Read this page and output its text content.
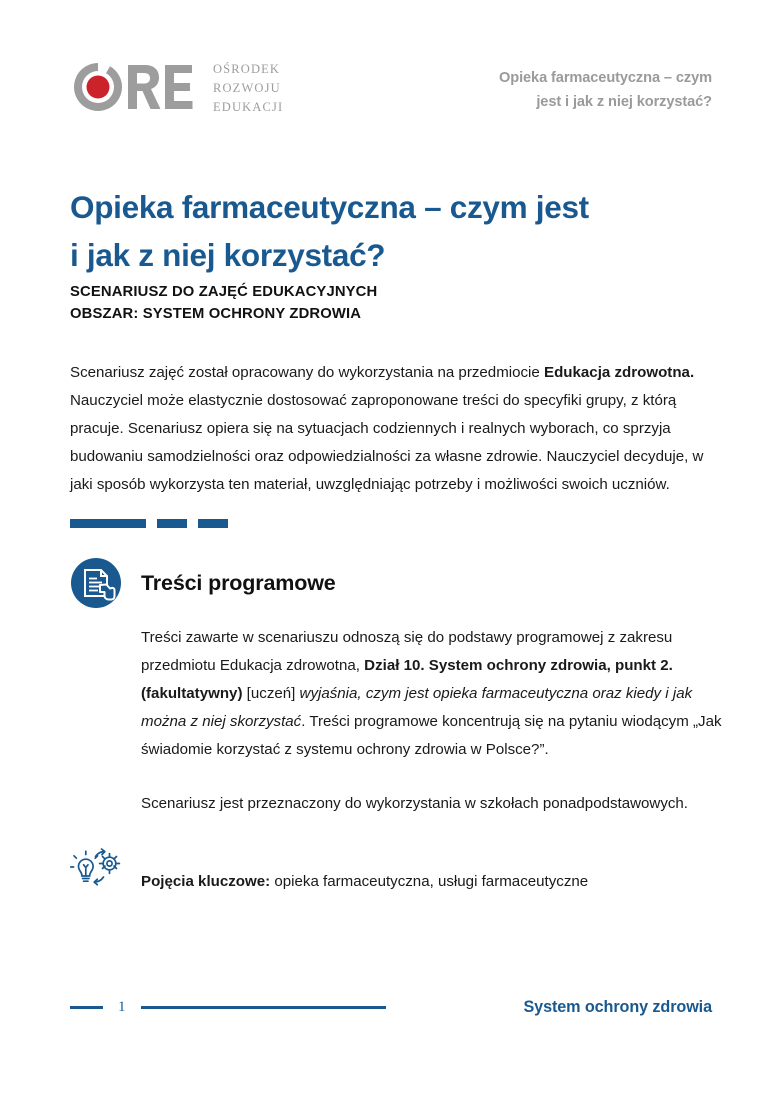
OŚRODEK
ROZWOJU
EDUKACJI
Opieka farmaceutyczna – czym
jest i jak z niej korzystać?
Opieka farmaceutyczna – czym jest
i jak z niej korzystać?
SCENARIUSZ DO ZAJĘĆ EDUKACYJNYCH
OBSZAR: SYSTEM OCHRONY ZDROWIA

Scenariusz zajęć został opracowany do wykorzystania na przedmiocie Edukacja zdrowotna. Nauczyciel może elastycznie dostosować zaproponowane treści do specyfiki grupy, z którą pracuje. Scenariusz opiera się na sytuacjach codziennych i realnych wyborach, co sprzyja budowaniu samodzielności oraz odpowiedzialności za własne zdrowie. Nauczyciel decyduje, w jaki sposób wykorzysta ten materiał, uwzględniając potrzeby i możliwości swoich uczniów.

Treści programowe

Treści zawarte w scenariuszu odnoszą się do podstawy programowej z zakresu przedmiotu Edukacja zdrowotna, Dział 10. System ochrony zdrowia, punkt 2. (fakultatywny) [uczeń] wyjaśnia, czym jest opieka farmaceutyczna oraz kiedy i jak można z niej skorzystać. Treści programowe koncentrują się na pytaniu wiodącym „Jak świadomie korzystać z systemu ochrony zdrowia w Polsce?”.

Scenariusz jest przeznaczony do wykorzystania w szkołach ponadpodstawowych.

Pojęcia kluczowe: opieka farmaceutyczna, usługi farmaceutyczne

1	System ochrony zdrowia
